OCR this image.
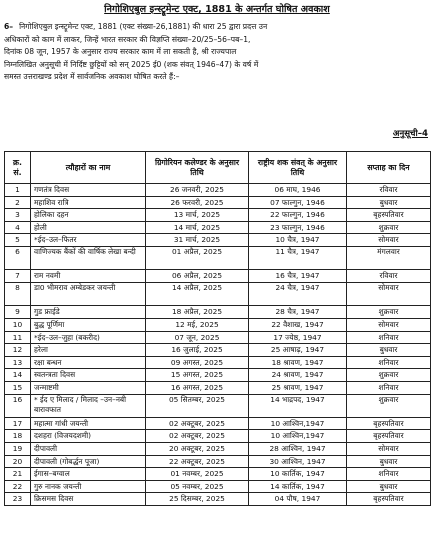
निगोशिएबुल इन्स्ट्रूमेन्ट एक्ट, 1881 के अन्तर्गत घोषित अवकाश
6– निगोशिएबुल इन्स्ट्रूमेन्ट एक्ट, 1881 (एक्ट संख्या-26,1881) की धारा 25 द्वारा प्रदत्त उन
अधिकारों को काम में लाकर, जिन्हें भारत सरकार की विज्ञप्ति संख्या–20/25–56–पब–1,
दिनांक 08 जून, 1957 के अनुसार राज्य सरकार काम में ला सकती है, श्री राज्यपाल
निम्नलिखित अनुसूची में निर्दिष्ट छुट्टियों को सन् 2025 ई0 (शक संवत् 1946–47) के वर्ष में
समस्त उत्तराखण्ड प्रदेश में सार्वजनिक अवकाश घोषित करते हैं:–
अनुसूची–4
क्र. सं.	त्यौहारों का नाम	ग्रिगोरियन कलेण्डर के अनुसार तिथि	राष्ट्रीय शक संवत् के अनुसार तिथि	सप्ताह का दिन
1	गणतंत्र दिवस	26 जनवरी, 2025	06 माघ, 1946	रविवार
2	महाशिव रात्रि	26 फरवरी, 2025	07 फाल्गुन, 1946	बुधवार
3	होलिका दहन	13 मार्च, 2025	22 फाल्गुन, 1946	बृहस्पतिवार
4	होली	14 मार्च, 2025	23 फाल्गुन, 1946	शुक्रवार
5	*ईद–उल–फितर	31 मार्च, 2025	10 चैत्र, 1947	सोमवार
6	वाणिज्यक बैंकों की वार्षिक लेखा बन्दी	01 अप्रैल, 2025	11 चैत्र, 1947	मंगलवार
7	राम नवमी	06 अप्रैल, 2025	16 चैत्र, 1947	रविवार
8	डा0 भीमराव अम्बेडकर जयन्ती	14 अप्रैल, 2025	24 चैत्र, 1947	सोमवार
9	गुड फ्राईडे	18 अप्रैल, 2025	28 चैत्र, 1947	शुक्रवार
10	बुद्ध पूर्णिमा	12 मई, 2025	22 वैशाख, 1947	सोमवार
11	*ईद–उल–जुहा (बकरीद)	07 जून, 2025	17 ज्येष्ठ, 1947	शनिवार
12	हरेला	16 जुलाई, 2025	25 आषाढ़, 1947	बुधवार
13	रक्षा बन्धन	09 अगस्त, 2025	18 श्रावण, 1947	शनिवार
14	स्वतन्त्रता दिवस	15 अगस्त, 2025	24 श्रावण, 1947	शुक्रवार
15	जन्माष्टमी	16 अगस्त, 2025	25 श्रावण, 1947	शनिवार
16	* ईद ए मिलाद / मिलाद –उन–नबी बारावफात	05 सितम्बर, 2025	14 भाद्रपद, 1947	शुक्रवार
17	महात्मा गांधी जयन्ती	02 अक्टूबर, 2025	10 आश्विन,1947	बृहस्पतिवार
18	दशहरा (विजयदशमी)	02 अक्टूबर, 2025	10 आश्विन,1947	बृहस्पतिवार
19	दीपावली	20 अक्टूबर, 2025	28 आश्विन, 1947	सोमवार
20	दीपावली (गोबर्द्धन पूजा)	22 अक्टूबर, 2025	30 आश्विन, 1947	बुधवार
21	ईगास–बग्वाल	01 नवम्बर, 2025	10 कार्तिक, 1947	शनिवार
22	गुरु नानक जयन्ती	05 नवम्बर, 2025	14 कार्तिक, 1947	बुधवार
23	क्रिसमस दिवस	25 दिसम्बर, 2025	04 पौष, 1947	बृहस्पतिवार
